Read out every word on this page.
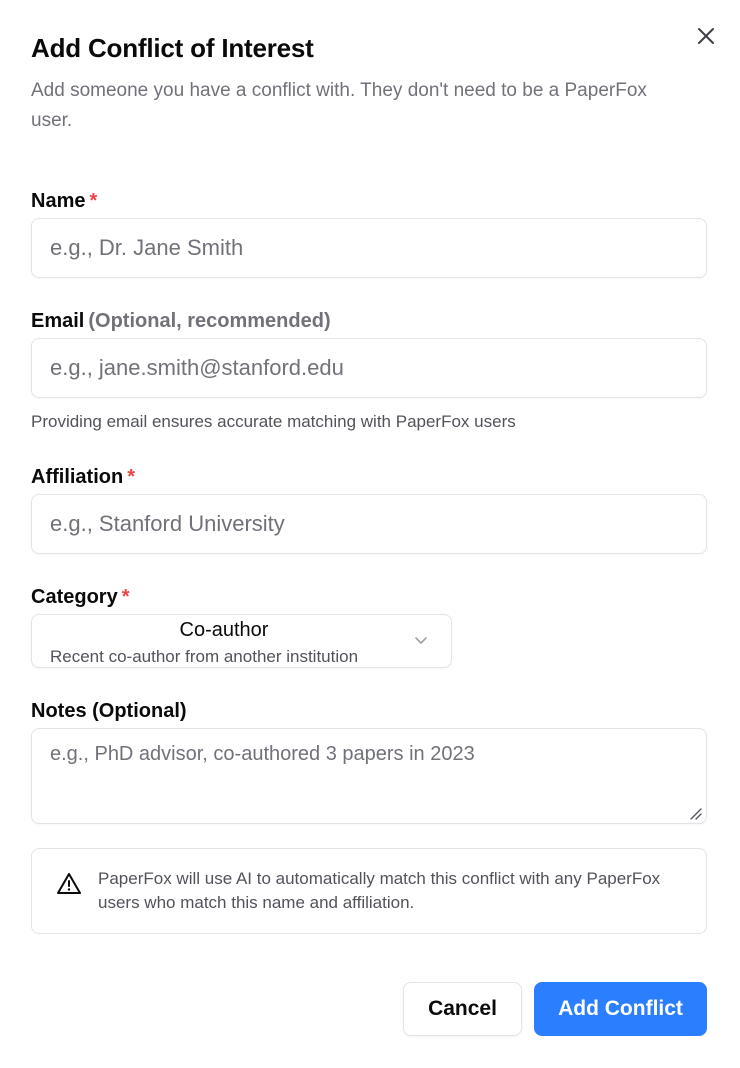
Add Conflict of Interest

Add someone you have a conflict with. They don't need to be a PaperFox user.

Name *
e.g., Dr. Jane Smith
Email (Optional, recommended)
e.g., jane.smith@stanford.edu
Providing email ensures accurate matching with PaperFox users
Affiliation *
e.g., Stanford University
Category *
Co-author
Recent co-author from another institution
Notes (Optional)
e.g., PhD advisor, co-authored 3 papers in 2023
PaperFox will use AI to automatically match this conflict with any PaperFox users who match this name and affiliation.
Cancel	Add Conflict
